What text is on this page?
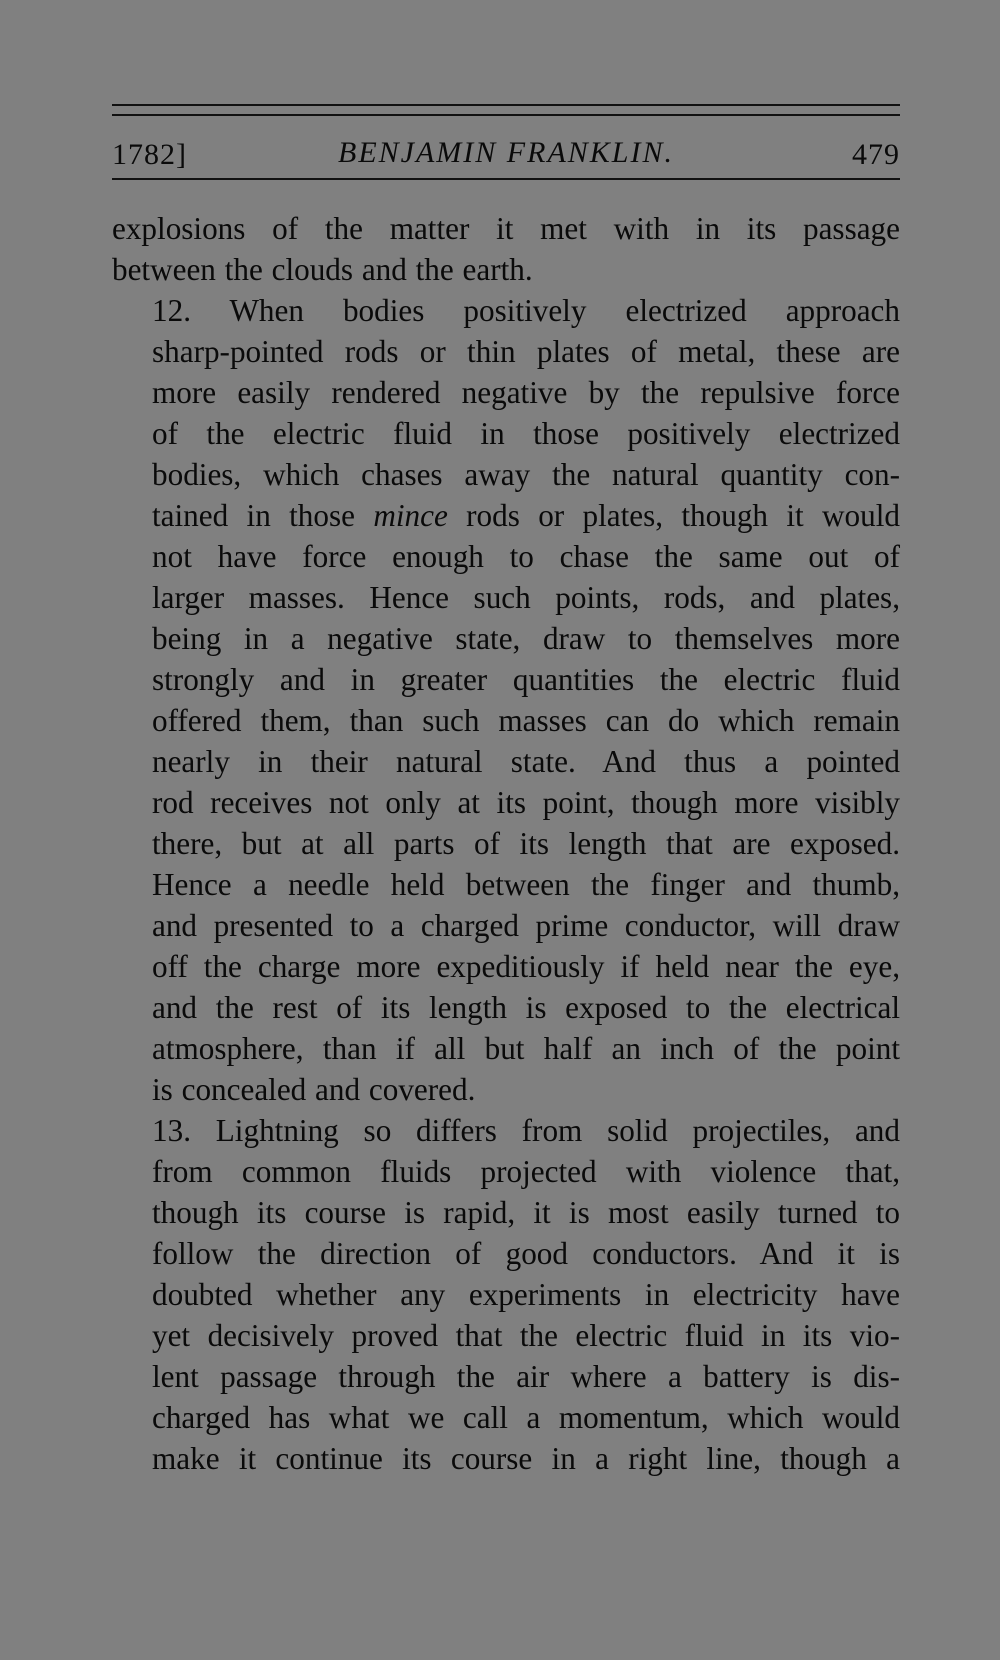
1782]	BENJAMIN FRANKLIN.	479

explosions of the matter it met with in its passage
between the clouds and the earth.

12. When bodies positively electrized approach
sharp-pointed rods or thin plates of metal, these are
more easily rendered negative by the repulsive force
of the electric fluid in those positively electrized
bodies, which chases away the natural quantity con-
tained in those mince rods or plates, though it would
not have force enough to chase the same out of
larger masses. Hence such points, rods, and plates,
being in a negative state, draw to themselves more
strongly and in greater quantities the electric fluid
offered them, than such masses can do which remain
nearly in their natural state. And thus a pointed
rod receives not only at its point, though more visibly
there, but at all parts of its length that are exposed.
Hence a needle held between the finger and thumb,
and presented to a charged prime conductor, will draw
off the charge more expeditiously if held near the eye,
and the rest of its length is exposed to the electrical
atmosphere, than if all but half an inch of the point
is concealed and covered.

13. Lightning so differs from solid projectiles, and
from common fluids projected with violence that,
though its course is rapid, it is most easily turned to
follow the direction of good conductors. And it is
doubted whether any experiments in electricity have
yet decisively proved that the electric fluid in its vio-
lent passage through the air where a battery is dis-
charged has what we call a momentum, which would
make it continue its course in a right line, though a
